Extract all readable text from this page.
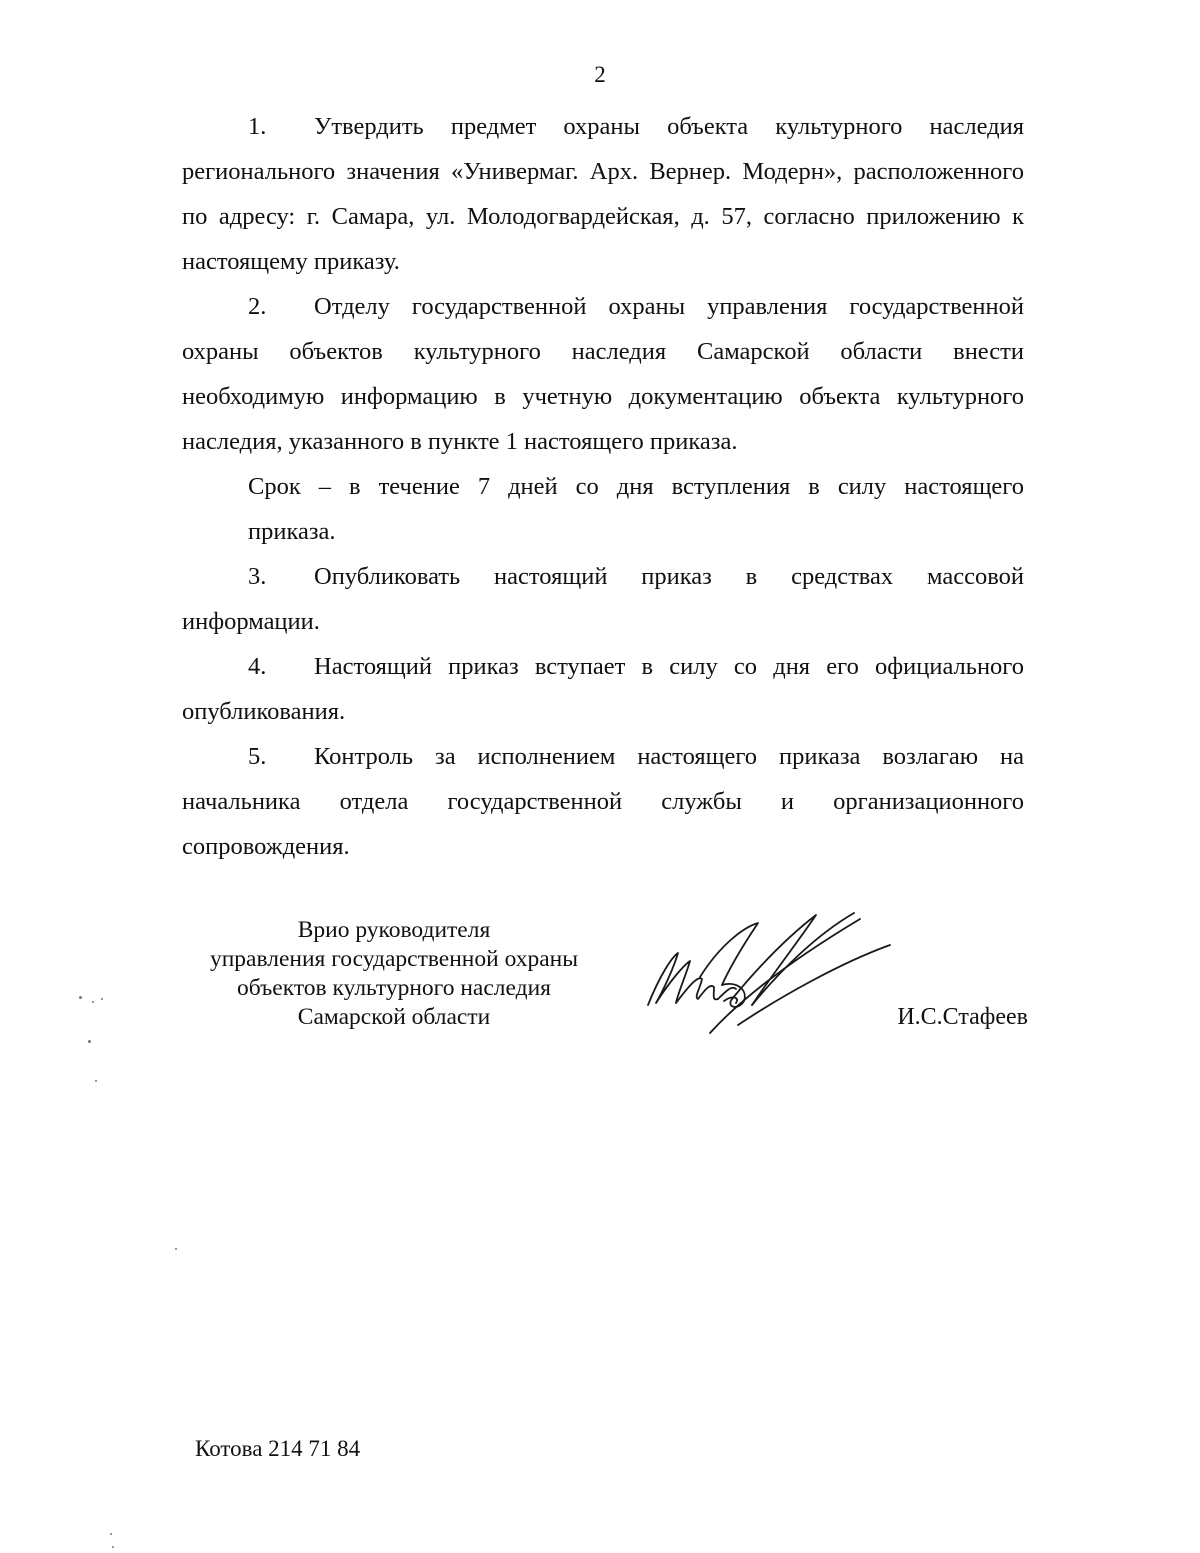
2

1. Утвердить предмет охраны объекта культурного наследия регионального значения «Универмаг. Арх. Вернер. Модерн», расположенного по адресу: г. Самара, ул. Молодогвардейская, д. 57, согласно приложению к настоящему приказу.

2. Отделу государственной охраны управления государственной охраны объектов культурного наследия Самарской области внести необходимую информацию в учетную документацию объекта культурного наследия, указанного в пункте 1 настоящего приказа.

Срок – в течение 7 дней со дня вступления в силу настоящего
приказа.

3. Опубликовать настоящий приказ в средствах массовой информации.

4. Настоящий приказ вступает в силу со дня его официального опубликования.

5. Контроль за исполнением настоящего приказа возлагаю на начальника отдела государственной службы и организационного сопровождения.

Врио руководителя
управления государственной охраны
объектов культурного наследия
Самарской области	И.С.Стафеев
Котова 214 71 84
